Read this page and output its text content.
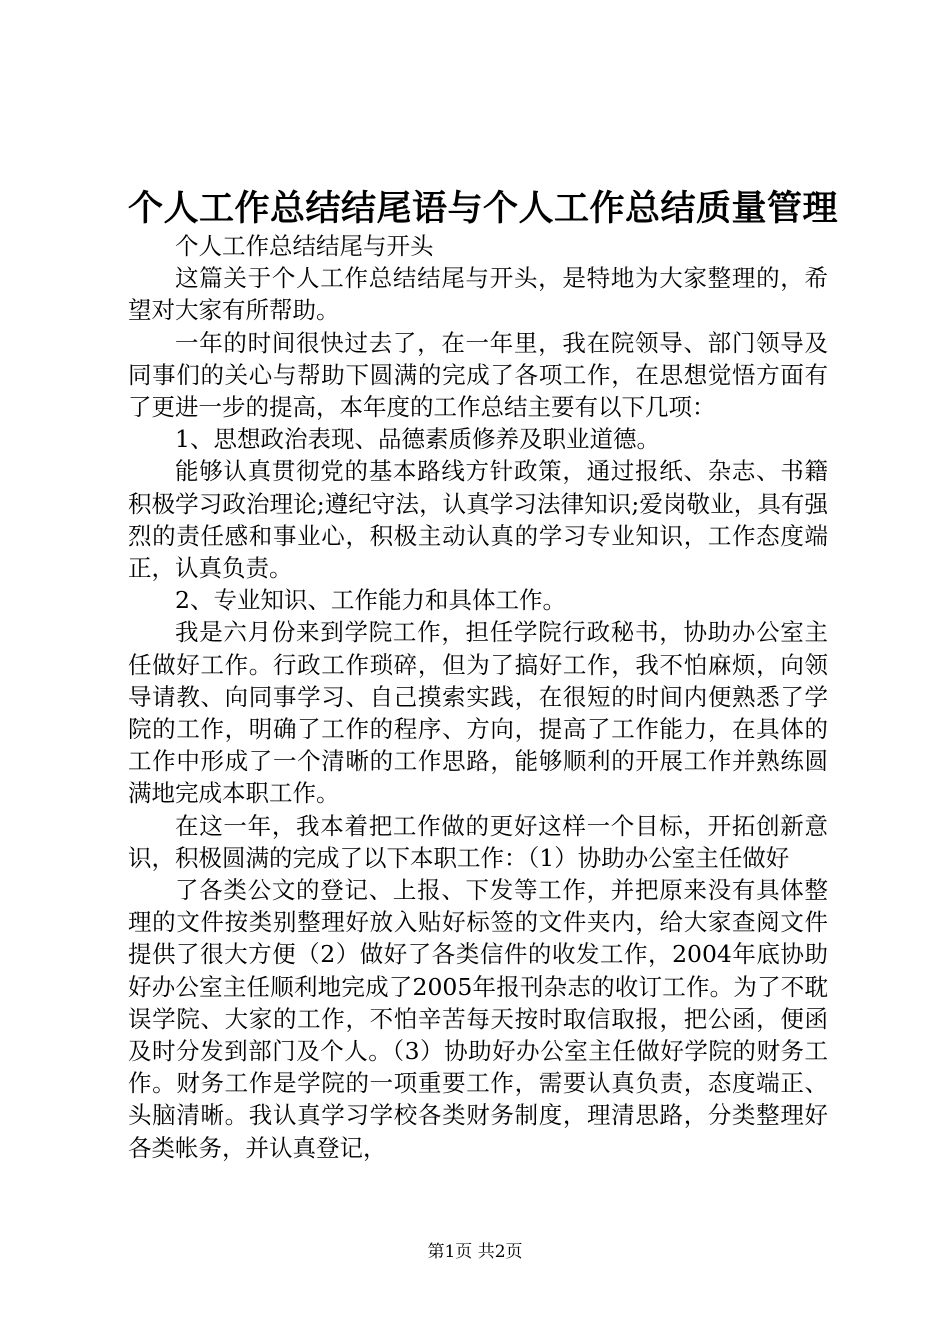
个人工作总结结尾语与个人工作总结质量管理

个人工作总结结尾与开头

这篇关于个人工作总结结尾与开头，是特地为大家整理的，希望对大家有所帮助。

一年的时间很快过去了，在一年里，我在院领导、部门领导及同事们的关心与帮助下圆满的完成了各项工作，在思想觉悟方面有了更进一步的提高，本年度的工作总结主要有以下几项：

1、思想政治表现、品德素质修养及职业道德。

能够认真贯彻党的基本路线方针政策，通过报纸、杂志、书籍积极学习政治理论;遵纪守法，认真学习法律知识;爱岗敬业，具有强烈的责任感和事业心，积极主动认真的学习专业知识，工作态度端正，认真负责。

2、专业知识、工作能力和具体工作。

我是六月份来到学院工作，担任学院行政秘书，协助办公室主任做好工作。行政工作琐碎，但为了搞好工作，我不怕麻烦，向领导请教、向同事学习、自己摸索实践，在很短的时间内便熟悉了学院的工作，明确了工作的程序、方向，提高了工作能力，在具体的工作中形成了一个清晰的工作思路，能够顺利的开展工作并熟练圆满地完成本职工作。

在这一年，我本着把工作做的更好这样一个目标，开拓创新意识，积极圆满的完成了以下本职工作：（1）协助办公室主任做好

了各类公文的登记、上报、下发等工作，并把原来没有具体整理的文件按类别整理好放入贴好标签的文件夹内，给大家查阅文件提供了很大方便（2）做好了各类信件的收发工作，2004年底协助好办公室主任顺利地完成了2005年报刊杂志的收订工作。为了不耽误学院、大家的工作，不怕辛苦每天按时取信取报，把公函，便函及时分发到部门及个人。（3）协助好办公室主任做好学院的财务工作。财务工作是学院的一项重要工作，需要认真负责，态度端正、头脑清晰。我认真学习学校各类财务制度，理清思路，分类整理好各类帐务，并认真登记，

第1页 共2页
